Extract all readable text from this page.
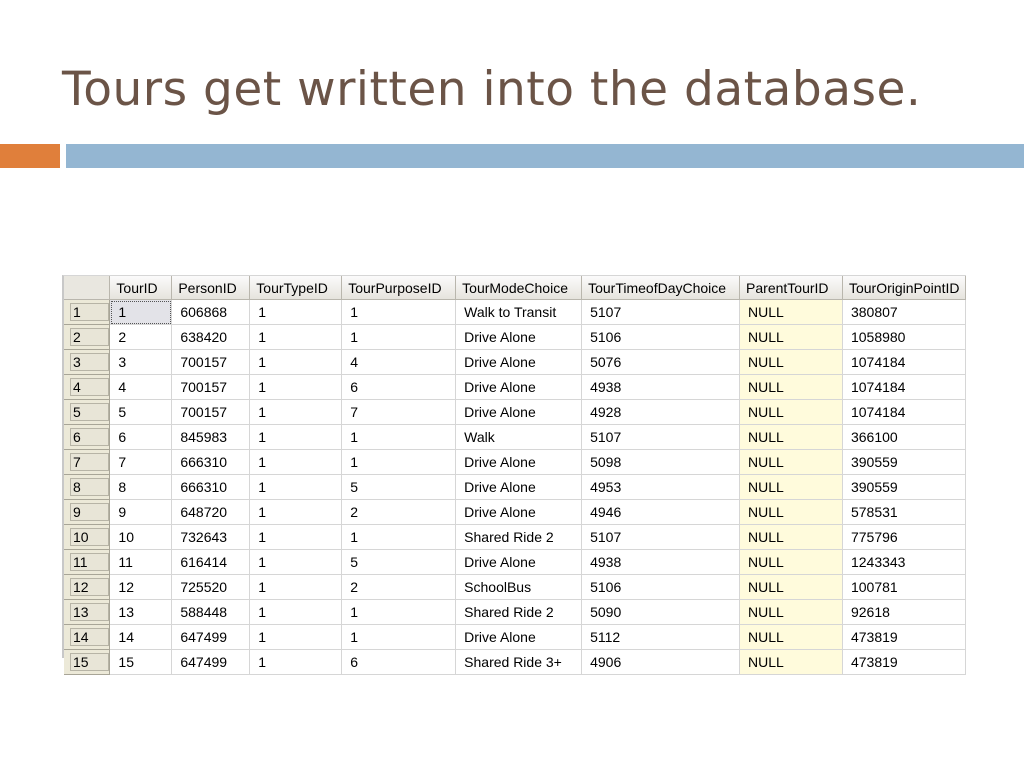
Tours get written into the database.
	TourID	PersonID	TourTypeID	TourPurposeID	TourModeChoice	TourTimeofDayChoice	ParentTourID	TourOriginPointID

1	1	606868	1	1	Walk to Transit	5107	NULL	380807

2	2	638420	1	1	Drive Alone	5106	NULL	1058980

3	3	700157	1	4	Drive Alone	5076	NULL	1074184

4	4	700157	1	6	Drive Alone	4938	NULL	1074184

5	5	700157	1	7	Drive Alone	4928	NULL	1074184

6	6	845983	1	1	Walk	5107	NULL	366100

7	7	666310	1	1	Drive Alone	5098	NULL	390559

8	8	666310	1	5	Drive Alone	4953	NULL	390559

9	9	648720	1	2	Drive Alone	4946	NULL	578531

10	10	732643	1	1	Shared Ride 2	5107	NULL	775796

11	11	616414	1	5	Drive Alone	4938	NULL	1243343

12	12	725520	1	2	SchoolBus	5106	NULL	100781

13	13	588448	1	1	Shared Ride 2	5090	NULL	92618

14	14	647499	1	1	Drive Alone	5112	NULL	473819

15	15	647499	1	6	Shared Ride 3+	4906	NULL	473819
